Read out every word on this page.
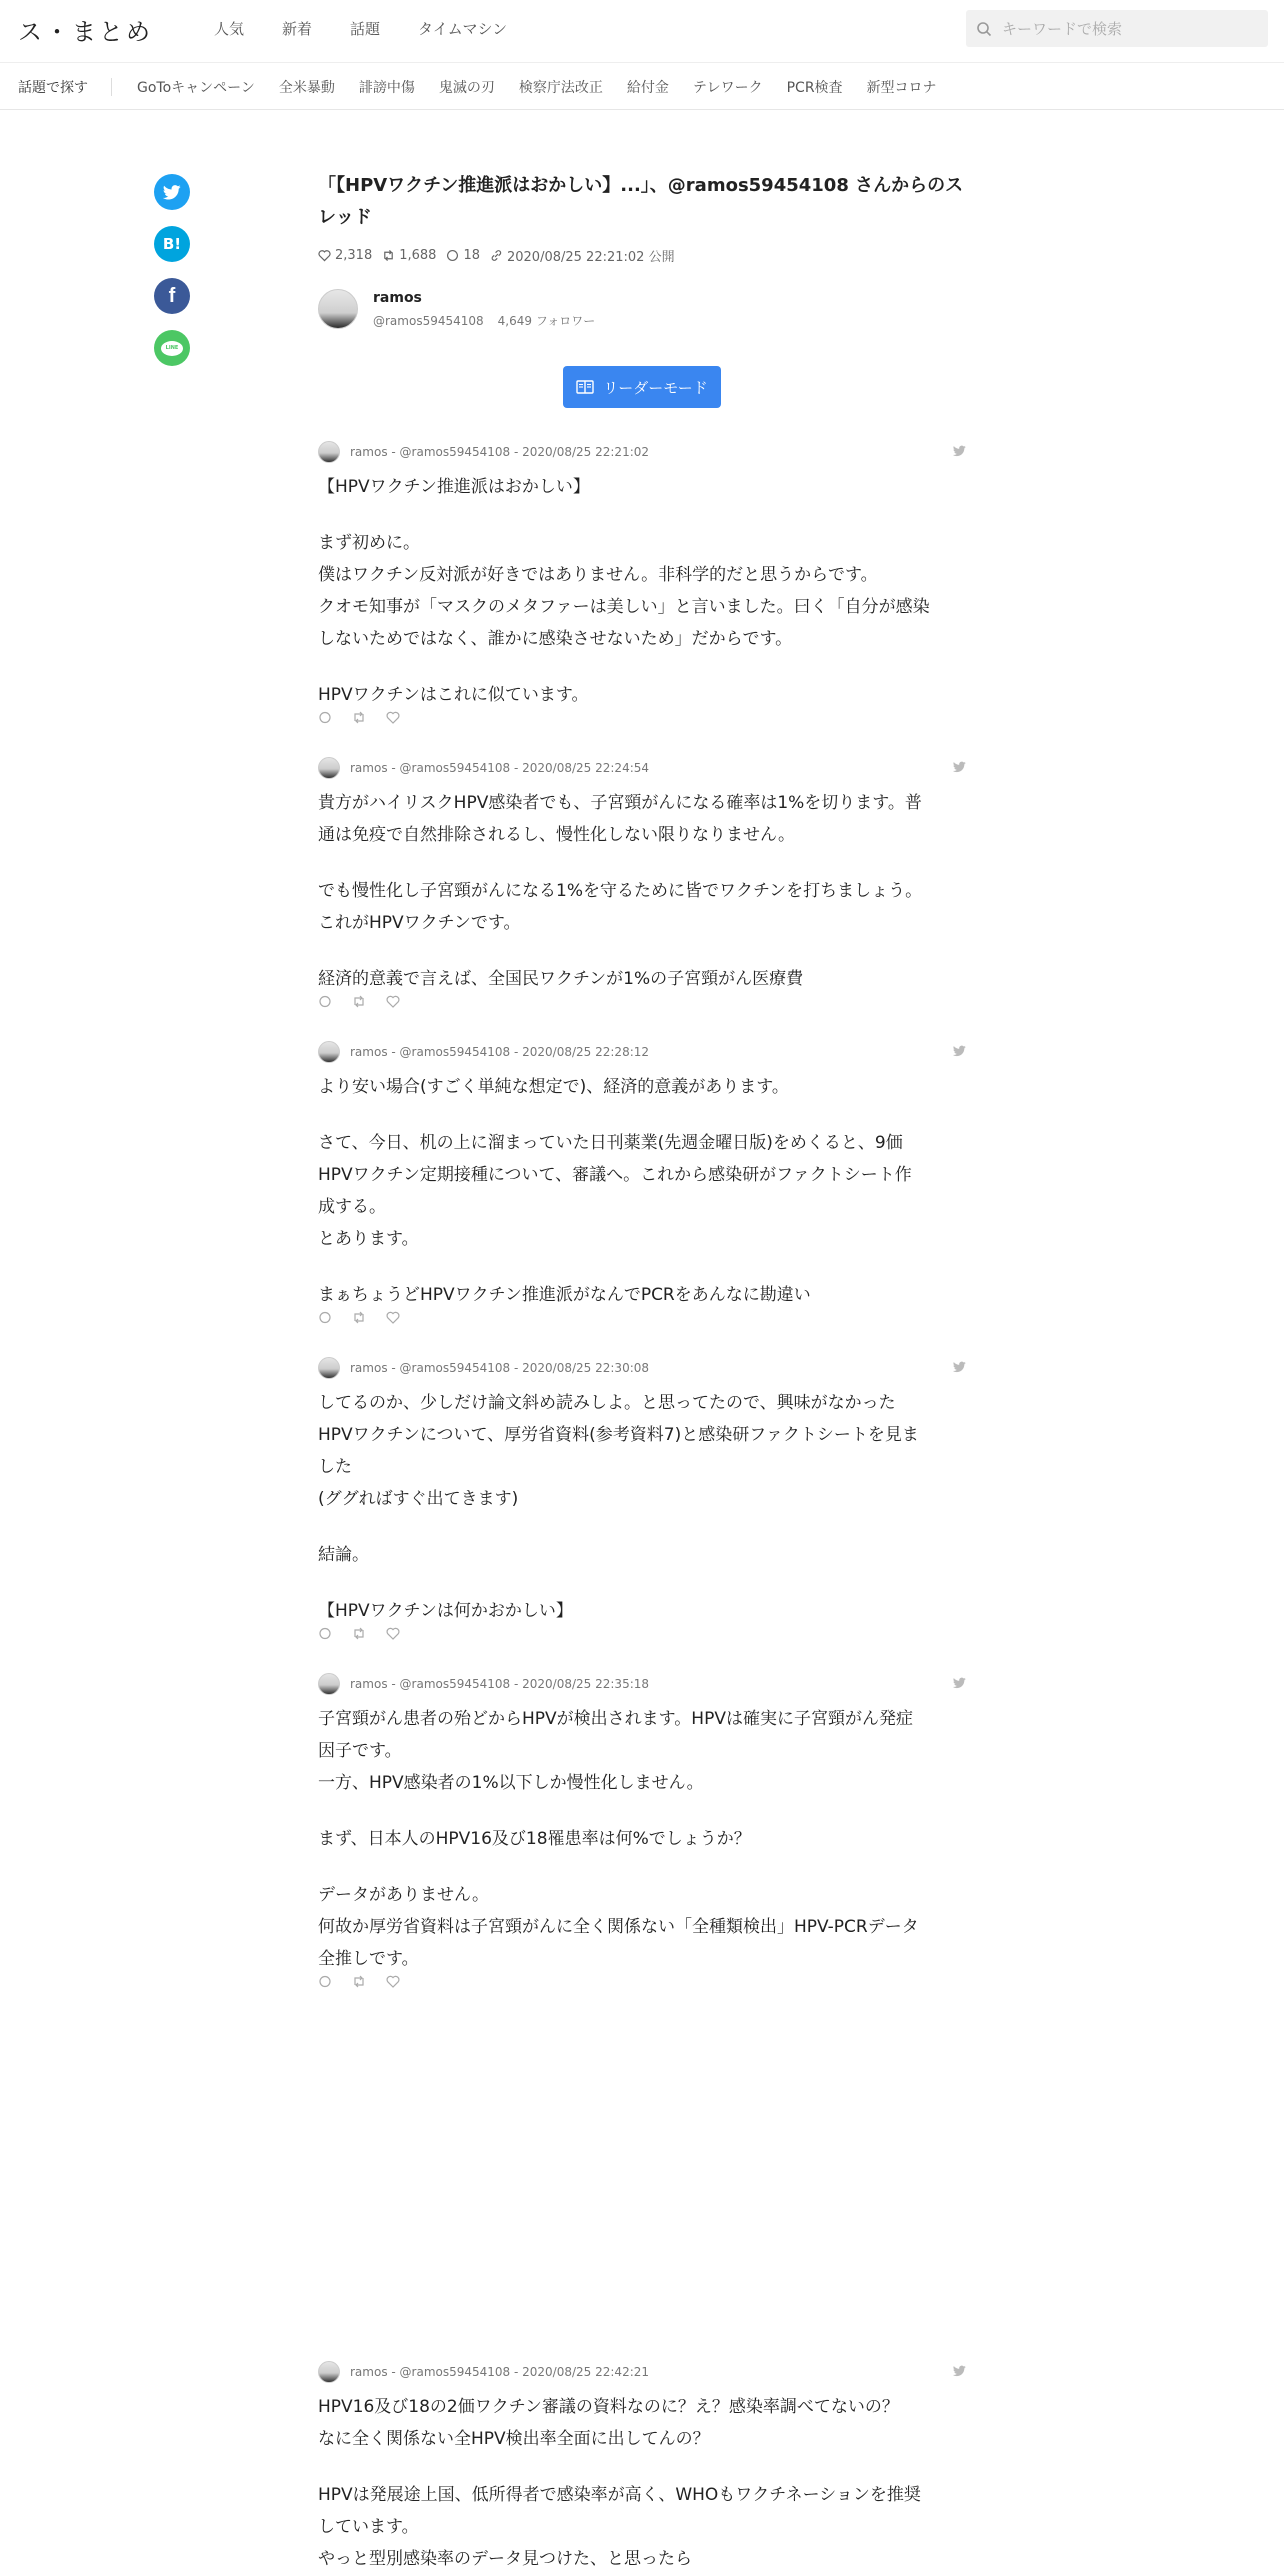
ス・まとめ	人気	新着	話題	タイムマシン	キーワードで検索
話題で探す	GoToキャンペーン 全米暴動 誹謗中傷 鬼滅の刃 検察庁法改正 給付金 テレワーク PCR検査 新型コロナ
B!
f
LINE
「【HPVワクチン推進派はおかしい】...」、@ramos59454108 さんからのスレッド
2,318 1,688 18 2020/08/25 22:21:02 公開
ramos
@ramos59454108 4,649 フォロワー
リーダーモード
ramos - @ramos59454108 - 2020/08/25 22:21:02

【HPVワクチン推進派はおかしい】

まず初めに。
僕はワクチン反対派が好きではありません。非科学的だと思うからです。
クオモ知事が「マスクのメタファーは美しい」と言いました。曰く「自分が感染
しないためではなく、誰かに感染させないため」だからです。

HPVワクチンはこれに似ています。

ramos - @ramos59454108 - 2020/08/25 22:24:54

貴方がハイリスクHPV感染者でも、子宮頸がんになる確率は1%を切ります。普
通は免疫で自然排除されるし、慢性化しない限りなりません。

でも慢性化し子宮頸がんになる1%を守るために皆でワクチンを打ちましょう。
これがHPVワクチンです。

経済的意義で言えば、全国民ワクチンが1%の子宮頸がん医療費

ramos - @ramos59454108 - 2020/08/25 22:28:12

より安い場合(すごく単純な想定で)、経済的意義があります。

さて、今日、机の上に溜まっていた日刊薬業(先週金曜日版)をめくると、9価
HPVワクチン定期接種について、審議へ。これから感染研がファクトシート作
成する。
とあります。

まぁちょうどHPVワクチン推進派がなんでPCRをあんなに勘違い

ramos - @ramos59454108 - 2020/08/25 22:30:08

してるのか、少しだけ論文斜め読みしよ。と思ってたので、興味がなかった
HPVワクチンについて、厚労省資料(参考資料7)と感染研ファクトシートを見ま
した
(ググればすぐ出てきます)

結論。

【HPVワクチンは何かおかしい】

ramos - @ramos59454108 - 2020/08/25 22:35:18

子宮頸がん患者の殆どからHPVが検出されます。HPVは確実に子宮頸がん発症
因子です。
一方、HPV感染者の1%以下しか慢性化しません。

まず、日本人のHPV16及び18罹患率は何%でしょうか？

データがありません。
何故か厚労省資料は子宮頸がんに全く関係ない「全種類検出」HPV-PCRデータ
全推しです。

ramos - @ramos59454108 - 2020/08/25 22:42:21

HPV16及び18の2価ワクチン審議の資料なのに？え？感染率調べてないの？
なに全く関係ない全HPV検出率全面に出してんの？

HPVは発展途上国、低所得者で感染率が高く、WHOもワクチネーションを推奨
しています。
やっと型別感染率のデータ見つけた、と思ったら
